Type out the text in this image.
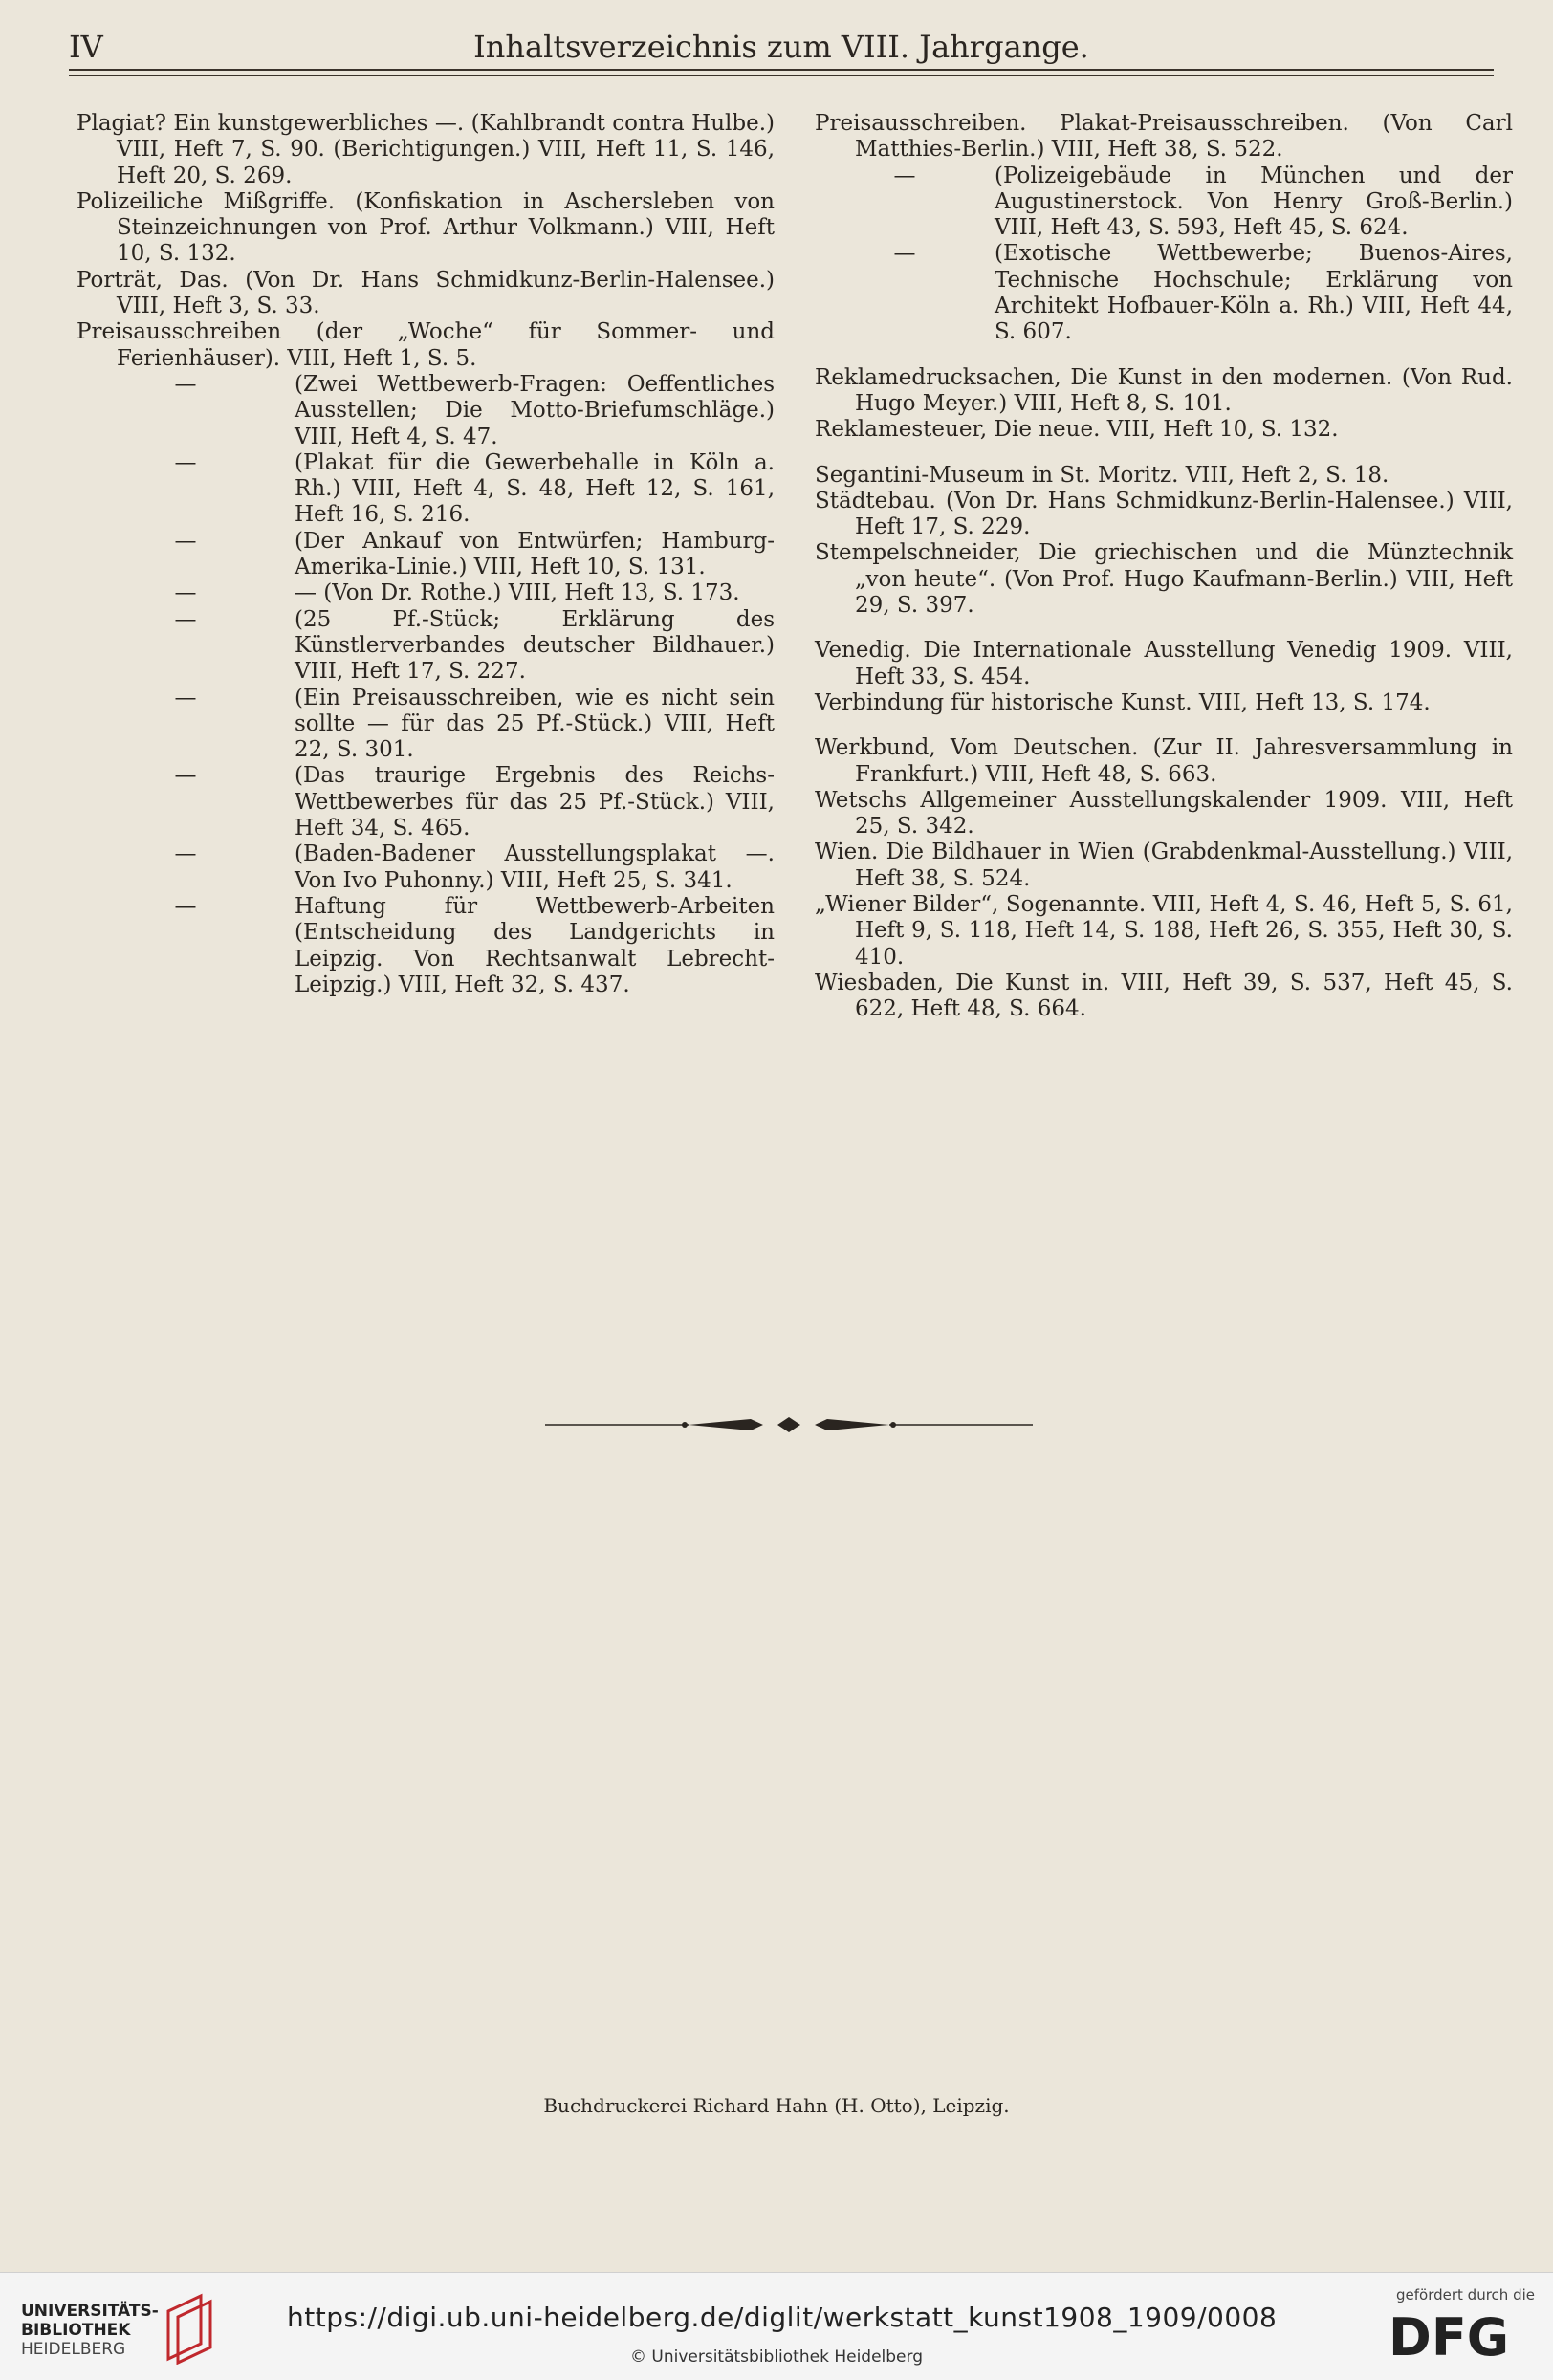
IV	Inhaltsverzeichnis zum VIII. Jahrgange.

Plagiat? Ein kunstgewerbliches —. (Kahlbrandt contra Hulbe.) VIII, Heft 7, S. 90. (Berichtigungen.) VIII, Heft 11, S. 146, Heft 20, S. 269.

Polizeiliche Mißgriffe. (Konfiskation in Aschersleben von Steinzeichnungen von Prof. Arthur Volkmann.) VIII, Heft 10, S. 132.

Porträt, Das. (Von Dr. Hans Schmidkunz-Berlin-Halensee.) VIII, Heft 3, S. 33.

Preisausschreiben (der „Woche“ für Sommer- und Ferienhäuser). VIII, Heft 1, S. 5.

—	(Zwei Wettbewerb-Fragen: Oeffentliches Ausstellen; Die Motto-Briefumschläge.) VIII, Heft 4, S. 47.
—	(Plakat für die Gewerbehalle in Köln a. Rh.) VIII, Heft 4, S. 48, Heft 12, S. 161, Heft 16, S. 216.
—	(Der Ankauf von Entwürfen; Hamburg-Amerika-Linie.) VIII, Heft 10, S. 131.
—	— (Von Dr. Rothe.) VIII, Heft 13, S. 173.
—	(25 Pf.-Stück; Erklärung des Künstlerverbandes deutscher Bildhauer.) VIII, Heft 17, S. 227.
—	(Ein Preisausschreiben, wie es nicht sein sollte — für das 25 Pf.-Stück.) VIII, Heft 22, S. 301.
—	(Das traurige Ergebnis des Reichs-Wettbewerbes für das 25 Pf.-Stück.) VIII, Heft 34, S. 465.
—	(Baden-Badener Ausstellungsplakat —. Von Ivo Puhonny.) VIII, Heft 25, S. 341.
—	Haftung für Wettbewerb-Arbeiten (Entscheidung des Landgerichts in Leipzig. Von Rechtsanwalt Lebrecht-Leipzig.) VIII, Heft 32, S. 437.

Preisausschreiben. Plakat-Preisausschreiben. (Von Carl Matthies-Berlin.) VIII, Heft 38, S. 522.

—	(Polizeigebäude in München und der Augustinerstock. Von Henry Groß-Berlin.) VIII, Heft 43, S. 593, Heft 45, S. 624.
—	(Exotische Wettbewerbe; Buenos-Aires, Technische Hochschule; Erklärung von Architekt Hofbauer-Köln a. Rh.) VIII, Heft 44, S. 607.

Reklamedrucksachen, Die Kunst in den modernen. (Von Rud. Hugo Meyer.) VIII, Heft 8, S. 101.

Reklamesteuer, Die neue. VIII, Heft 10, S. 132.

Segantini-Museum in St. Moritz. VIII, Heft 2, S. 18.

Städtebau. (Von Dr. Hans Schmidkunz-Berlin-Halensee.) VIII, Heft 17, S. 229.

Stempelschneider, Die griechischen und die Münztechnik „von heute“. (Von Prof. Hugo Kaufmann-Berlin.) VIII, Heft 29, S. 397.

Venedig. Die Internationale Ausstellung Venedig 1909. VIII, Heft 33, S. 454.

Verbindung für historische Kunst. VIII, Heft 13, S. 174.

Werkbund, Vom Deutschen. (Zur II. Jahresversammlung in Frankfurt.) VIII, Heft 48, S. 663.

Wetschs Allgemeiner Ausstellungskalender 1909. VIII, Heft 25, S. 342.

Wien. Die Bildhauer in Wien (Grabdenkmal-Ausstellung.) VIII, Heft 38, S. 524.

„Wiener Bilder“, Sogenannte. VIII, Heft 4, S. 46, Heft 5, S. 61, Heft 9, S. 118, Heft 14, S. 188, Heft 26, S. 355, Heft 30, S. 410.

Wiesbaden, Die Kunst in. VIII, Heft 39, S. 537, Heft 45, S. 622, Heft 48, S. 664.

Buchdruckerei Richard Hahn (H. Otto), Leipzig.
UNIVERSITÄTS-
BIBLIOTHEK
HEIDELBERG
https://digi.ub.uni-heidelberg.de/diglit/werkstatt_kunst1908_1909/0008
© Universitätsbibliothek Heidelberg
gefördert durch die
DFG
